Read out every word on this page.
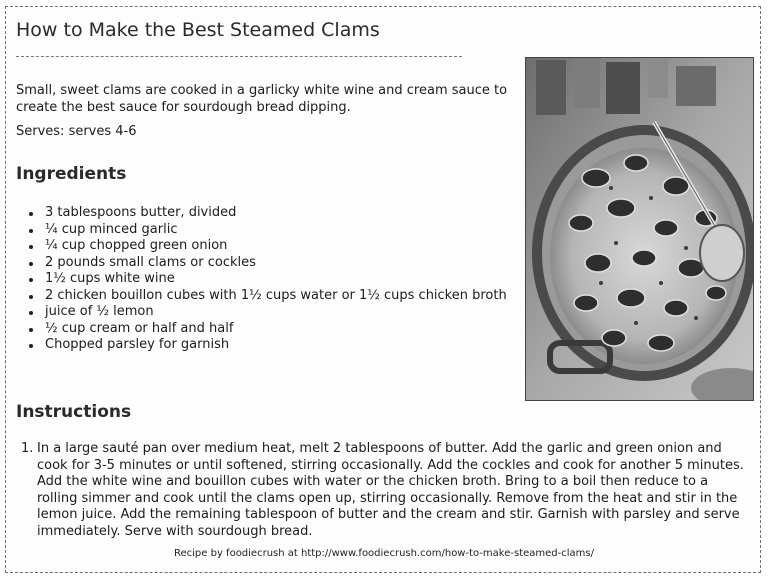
How to Make the Best Steamed Clams

Small, sweet clams are cooked in a garlicky white wine and cream sauce to create the best sauce for sourdough bread dipping.

Serves: serves 4-6

Ingredients
3 tablespoons butter, divided
¼ cup minced garlic
¼ cup chopped green onion
2 pounds small clams or cockles
1½ cups white wine
2 chicken bouillon cubes with 1½ cups water or 1½ cups chicken broth
juice of ½ lemon
½ cup cream or half and half
Chopped parsley for garnish
Instructions
1. In a large sauté pan over medium heat, melt 2 tablespoons of butter. Add the garlic and green onion and cook for 3-5 minutes or until softened, stirring occasionally. Add the cockles and cook for another 5 minutes. Add the white wine and bouillon cubes with water or the chicken broth. Bring to a boil then reduce to a rolling simmer and cook until the clams open up, stirring occasionally. Remove from the heat and stir in the lemon juice. Add the remaining tablespoon of butter and the cream and stir. Garnish with parsley and serve immediately. Serve with sourdough bread.

Recipe by foodiecrush at http://www.foodiecrush.com/how-to-make-steamed-clams/
